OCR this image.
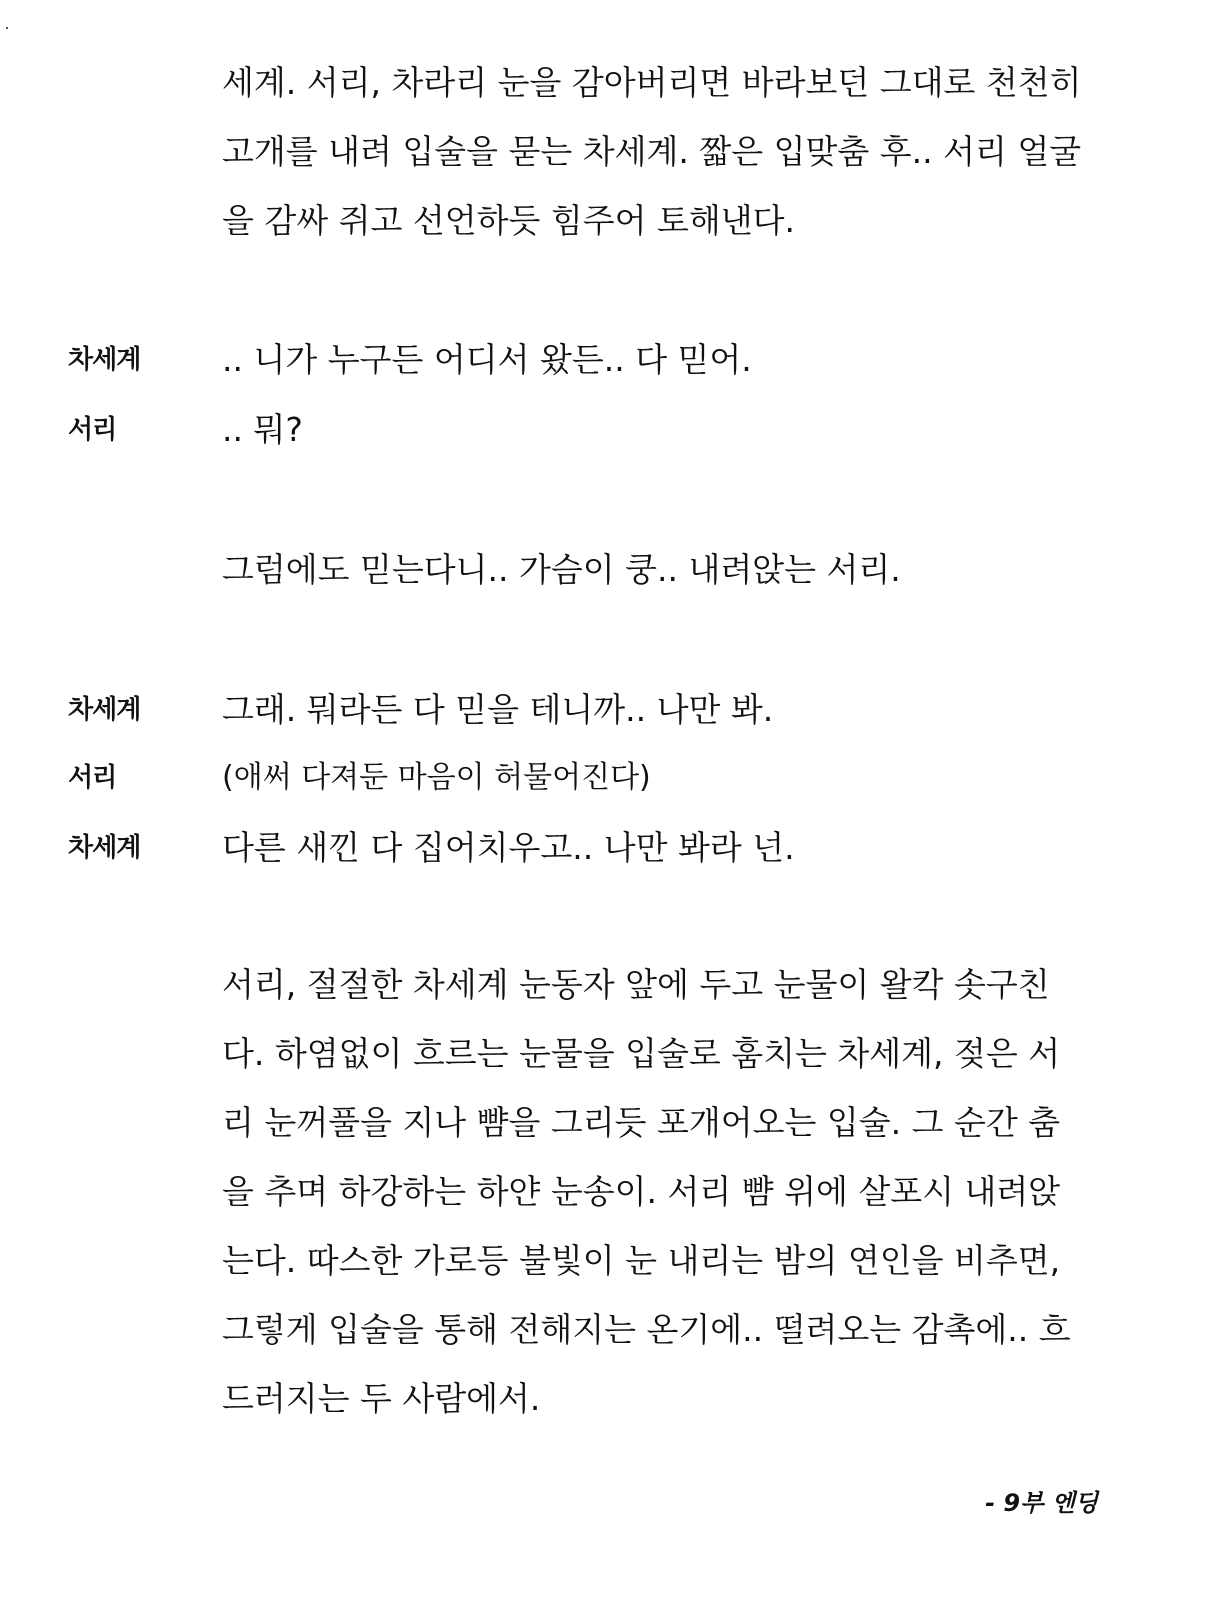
세계. 서리, 차라리 눈을 감아버리면 바라보던 그대로 천천히
고개를 내려 입술을 묻는 차세계. 짧은 입맞춤 후.. 서리 얼굴
을 감싸 쥐고 선언하듯 힘주어 토해낸다.
차세계 .. 니가 누구든 어디서 왔든.. 다 믿어.
서리	.. 뭐?
그럼에도 믿는다니.. 가슴이 쿵.. 내려앉는 서리.
차세계 그래. 뭐라든 다 믿을 테니까.. 나만 봐.
서리	(애써 다져둔 마음이 허물어진다)
차세계 다른 새낀 다 집어치우고.. 나만 봐라 넌.
서리, 절절한 차세계 눈동자 앞에 두고 눈물이 왈칵 솟구친
다. 하염없이 흐르는 눈물을 입술로 훔치는 차세계, 젖은 서
리 눈꺼풀을 지나 뺨을 그리듯 포개어오는 입술. 그 순간 춤
을 추며 하강하는 하얀 눈송이. 서리 뺨 위에 살포시 내려앉
는다. 따스한 가로등 불빛이 눈 내리는 밤의 연인을 비추면,
그렇게 입술을 통해 전해지는 온기에.. 떨려오는 감촉에.. 흐
드러지는 두 사람에서.
- 9부 엔딩
